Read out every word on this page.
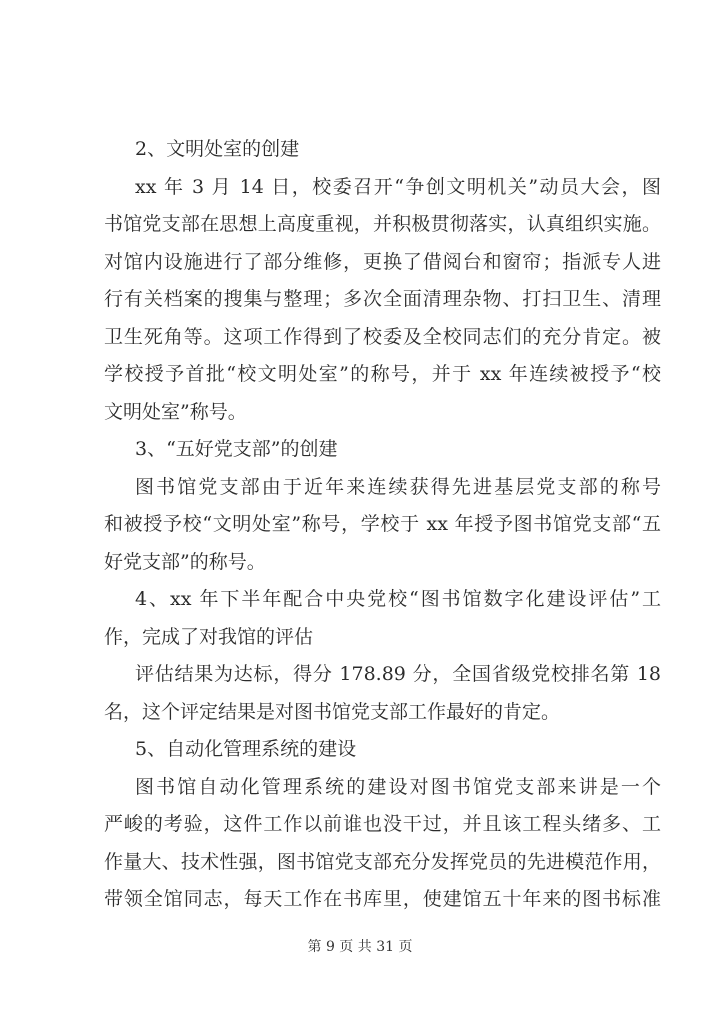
2、文明处室的创建
xx 年 3 月 14 日，校委召开“争创文明机关”动员大会，图
书馆党支部在思想上高度重视，并积极贯彻落实，认真组织实施。
对馆内设施进行了部分维修，更换了借阅台和窗帘；指派专人进
行有关档案的搜集与整理；多次全面清理杂物、打扫卫生、清理
卫生死角等。这项工作得到了校委及全校同志们的充分肯定。被
学校授予首批“校文明处室”的称号，并于 xx 年连续被授予“校
文明处室”称号。
3、“五好党支部”的创建
图书馆党支部由于近年来连续获得先进基层党支部的称号
和被授予校“文明处室”称号，学校于 xx 年授予图书馆党支部“五
好党支部”的称号。
4、xx 年下半年配合中央党校“图书馆数字化建设评估”工
作，完成了对我馆的评估
评估结果为达标，得分 178.89 分，全国省级党校排名第 18
名，这个评定结果是对图书馆党支部工作最好的肯定。
5、自动化管理系统的建设
图书馆自动化管理系统的建设对图书馆党支部来讲是一个
严峻的考验，这件工作以前谁也没干过，并且该工程头绪多、工
作量大、技术性强，图书馆党支部充分发挥党员的先进模范作用，
带领全馆同志，每天工作在书库里，使建馆五十年来的图书标准
第 9 页 共 31 页
